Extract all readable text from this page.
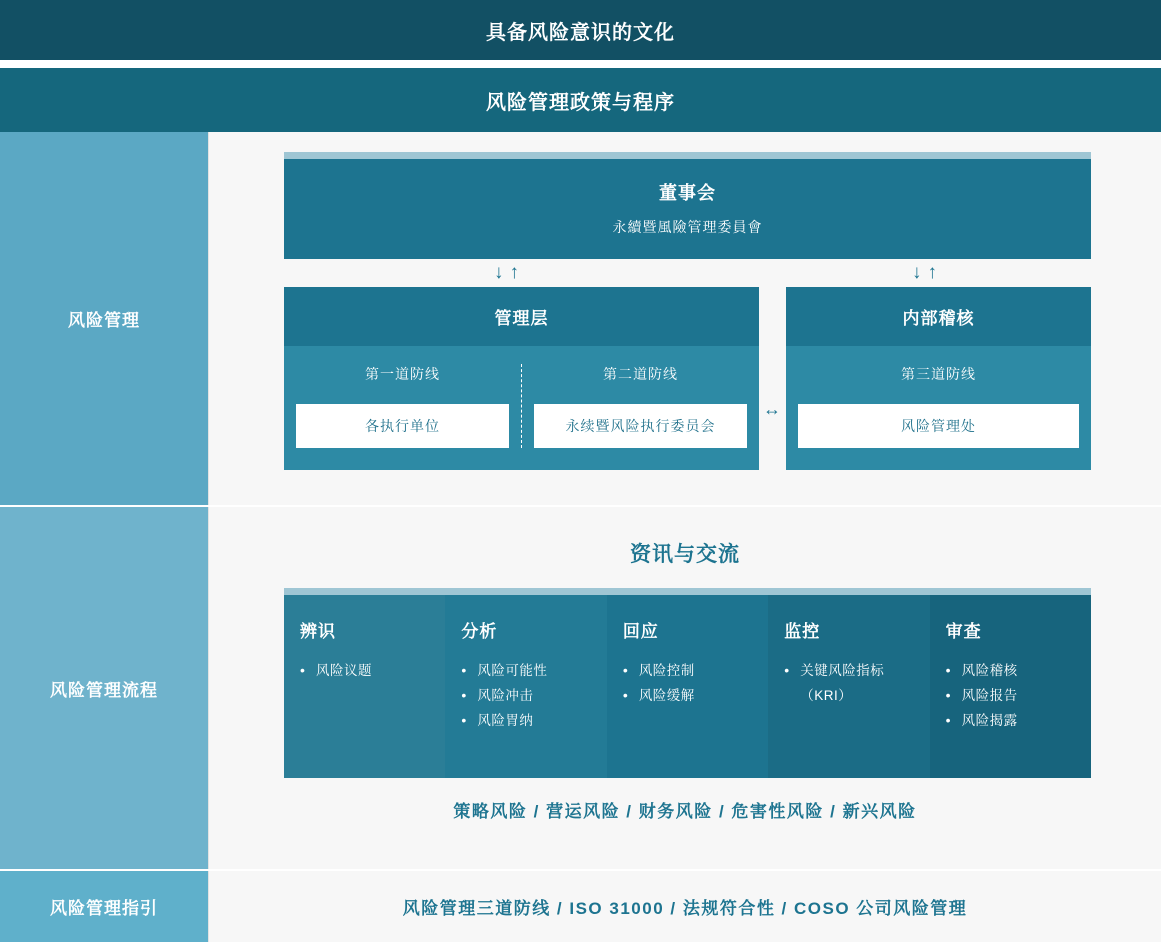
具备风险意识的文化
风险管理政策与程序
风险管理
董事会
永續暨風險管理委員會
↓↑	↓↑
管理层
第一道防线
各执行单位
第二道防线
永续暨风险执行委员会
内部稽核
第三道防线
风险管理处
↔
风险管理流程
资讯与交流
辨识
• 风险议题
分析
• 风险可能性
• 风险冲击
• 风险胃纳
回应
• 风险控制
• 风险缓解
监控
• 关键风险指标（KRI）
审查
• 风险稽核
• 风险报告
• 风险揭露
策略风险 / 营运风险 / 财务风险 / 危害性风险 / 新兴风险
风险管理指引	风险管理三道防线 / ISO 31000 / 法规符合性 / COSO 公司风险管理
